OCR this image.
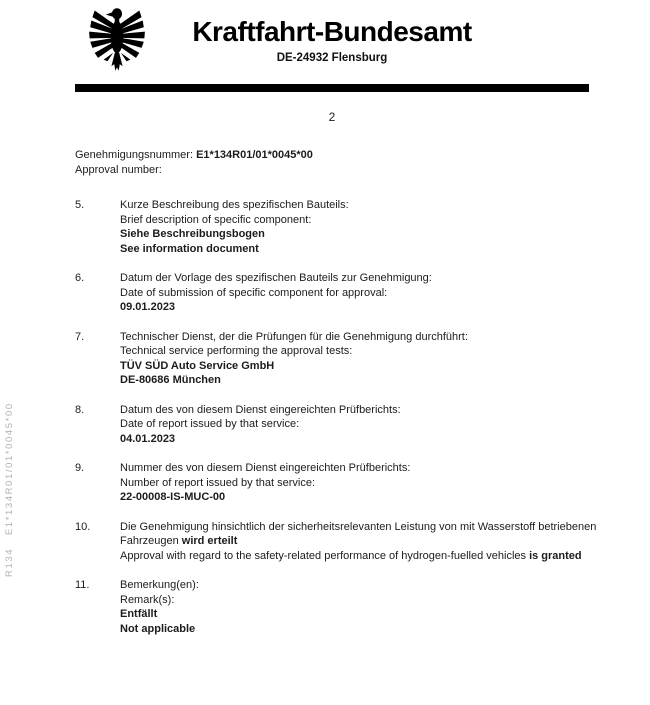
Kraftfahrt-Bundesamt
DE-24932 Flensburg
2
Genehmigungsnummer: E1*134R01/01*0045*00
Approval number:
5.	Kurze Beschreibung des spezifischen Bauteils:
Brief description of specific component:
Siehe Beschreibungsbogen
See information document
6.	Datum der Vorlage des spezifischen Bauteils zur Genehmigung:
Date of submission of specific component for approval:
09.01.2023
7.	Technischer Dienst, der die Prüfungen für die Genehmigung durchführt:
Technical service performing the approval tests:
TÜV SÜD Auto Service GmbH
DE-80686 München
8.	Datum des von diesem Dienst eingereichten Prüfberichts:
Date of report issued by that service:
04.01.2023
9.	Nummer des von diesem Dienst eingereichten Prüfberichts:
Number of report issued by that service:
22-00008-IS-MUC-00
10.	Die Genehmigung hinsichtlich der sicherheitsrelevanten Leistung von mit Wasserstoff betriebenen Fahrzeugen wird erteilt
Approval with regard to the safety-related performance of hydrogen-fuelled vehicles is granted
11.	Bemerkung(en):
Remark(s):
Entfällt
Not applicable
R134   E1*134R01/01*0045*00
